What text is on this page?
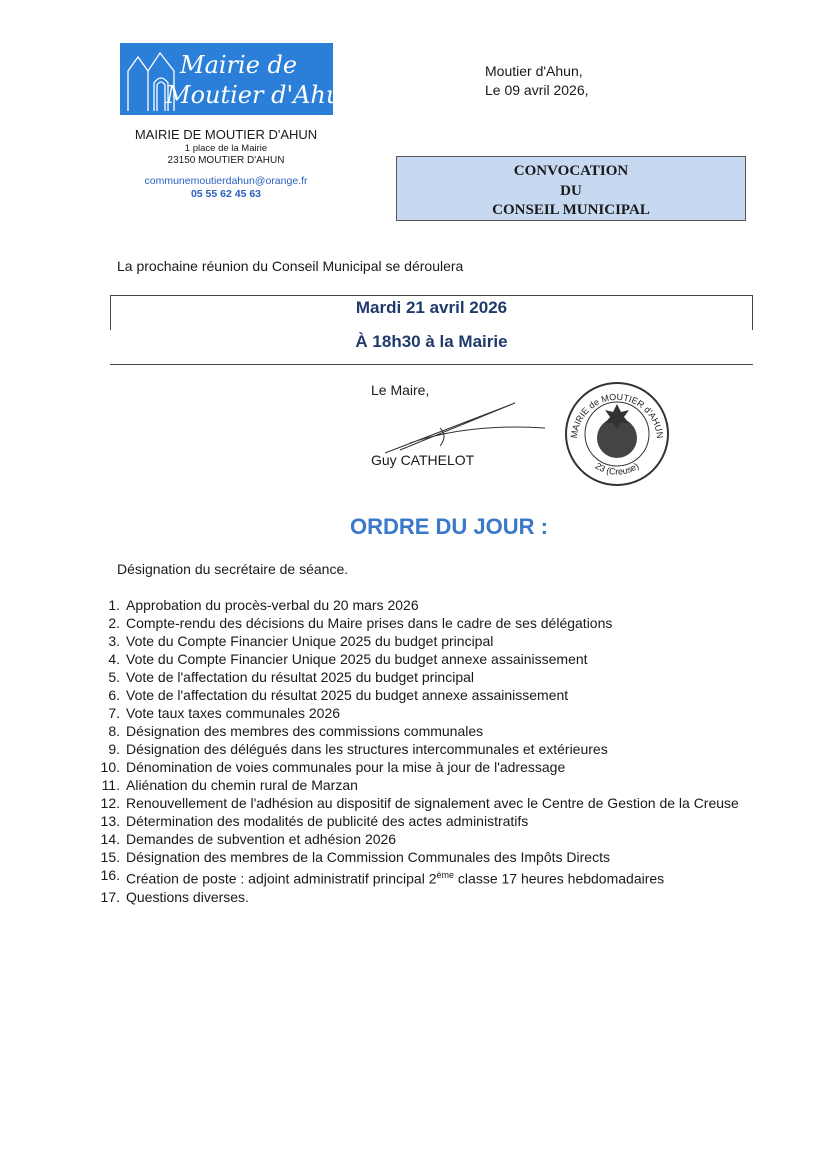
Mairie de
Moutier d'Ahun
MAIRIE DE MOUTIER D'AHUN
1 place de la Mairie
23150 MOUTIER D'AHUN
communemoutierdahun@orange.fr
05 55 62 45 63
Moutier d'Ahun,
Le 09 avril 2026,
CONVOCATION
DU
CONSEIL MUNICIPAL
La prochaine réunion du Conseil Municipal se déroulera
Mardi 21 avril 2026
À 18h30 à la Mairie
Le Maire,
Guy CATHELOT
MAIRIE de MOUTIER d'AHUN
23 (Creuse)
ORDRE DU JOUR :
Désignation du secrétaire de séance.
1. Approbation du procès-verbal du 20 mars 2026
2. Compte-rendu des décisions du Maire prises dans le cadre de ses délégations
3. Vote du Compte Financier Unique 2025 du budget principal
4. Vote du Compte Financier Unique 2025 du budget annexe assainissement
5. Vote de l'affectation du résultat 2025 du budget principal
6. Vote de l'affectation du résultat 2025 du budget annexe assainissement
7. Vote taux taxes communales 2026
8. Désignation des membres des commissions communales
9. Désignation des délégués dans les structures intercommunales et extérieures
10. Dénomination de voies communales pour la mise à jour de l'adressage
11. Aliénation du chemin rural de Marzan
12. Renouvellement de l'adhésion au dispositif de signalement avec le Centre de Gestion de la Creuse
13. Détermination des modalités de publicité des actes administratifs
14. Demandes de subvention et adhésion 2026
15. Désignation des membres de la Commission Communales des Impôts Directs
16. Création de poste : adjoint administratif principal 2ème classe 17 heures hebdomadaires
17. Questions diverses.
